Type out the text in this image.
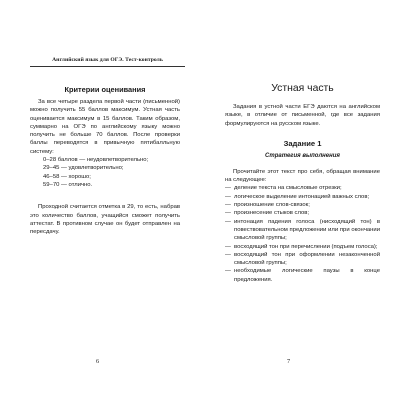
Английский язык для ОГЭ. Тест-контроль
Критерии оценивания

За все четыре раздела первой части (письменной) можно получить 55 баллов максимум. Устная часть оценивается максимум в 15 баллов. Таким образом, суммарно на ОГЭ по английскому языку можно получить не больше 70 баллов. После проверки баллы переводятся в привычную пятибалльную систему:

0–28 баллов — неудовлетворительно;
29–45 — удовлетворительно;
46–58 — хорошо;
59–70 — отлично.

Проходной считается отметка в 29, то есть, набрав это количество баллов, учащийся сможет получить аттестат. В противном случае он будет отправлен на пересдачу.

6
Устная часть

Задания в устной части ЕГЭ даются на английском языке, в отличие от письменной, где все задания формулируются на русском языке.

Задание 1
Стратегия выполнения

Прочитайте этот текст про себя, обращая внимание на следующее:

— деление текста на смысловые отрезки;
— логическое выделение интонацией важных слов;
— произношение слов-связок;
— произнесение стыков слов;
— интонация падения голоса (нисходящий тон) в повествовательном предложении или при окончании смысловой группы;
— восходящий тон при перечислении (подъем голоса);
— восходящий тон при оформлении незаконченной смысловой группы;
— необходимые логические паузы в конце предложения.
7
